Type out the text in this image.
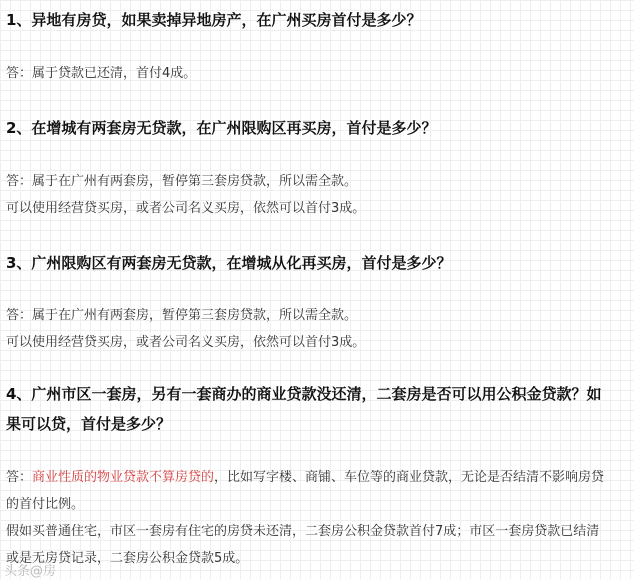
1、异地有房贷，如果卖掉异地房产，在广州买房首付是多少？

答：属于贷款已还清，首付4成。

2、在增城有两套房无贷款，在广州限购区再买房，首付是多少？

答：属于在广州有两套房，暂停第三套房贷款，所以需全款。
可以使用经营贷买房，或者公司名义买房，依然可以首付3成。

3、广州限购区有两套房无贷款，在增城从化再买房，首付是多少？

答：属于在广州有两套房，暂停第三套房贷款，所以需全款。
可以使用经营贷买房，或者公司名义买房，依然可以首付3成。

4、广州市区一套房，另有一套商办的商业贷款没还清，二套房是否可以用公积金贷款？如果可以贷，首付是多少？

答：商业性质的物业贷款不算房贷的，比如写字楼、商铺、车位等的商业贷款，无论是否结清不影响房贷的首付比例。
假如买普通住宅，市区一套房有住宅的房贷未还清，二套房公积金贷款首付7成；市区一套房贷款已结清或是无房贷记录，二套房公积金贷款5成。
头条@房
